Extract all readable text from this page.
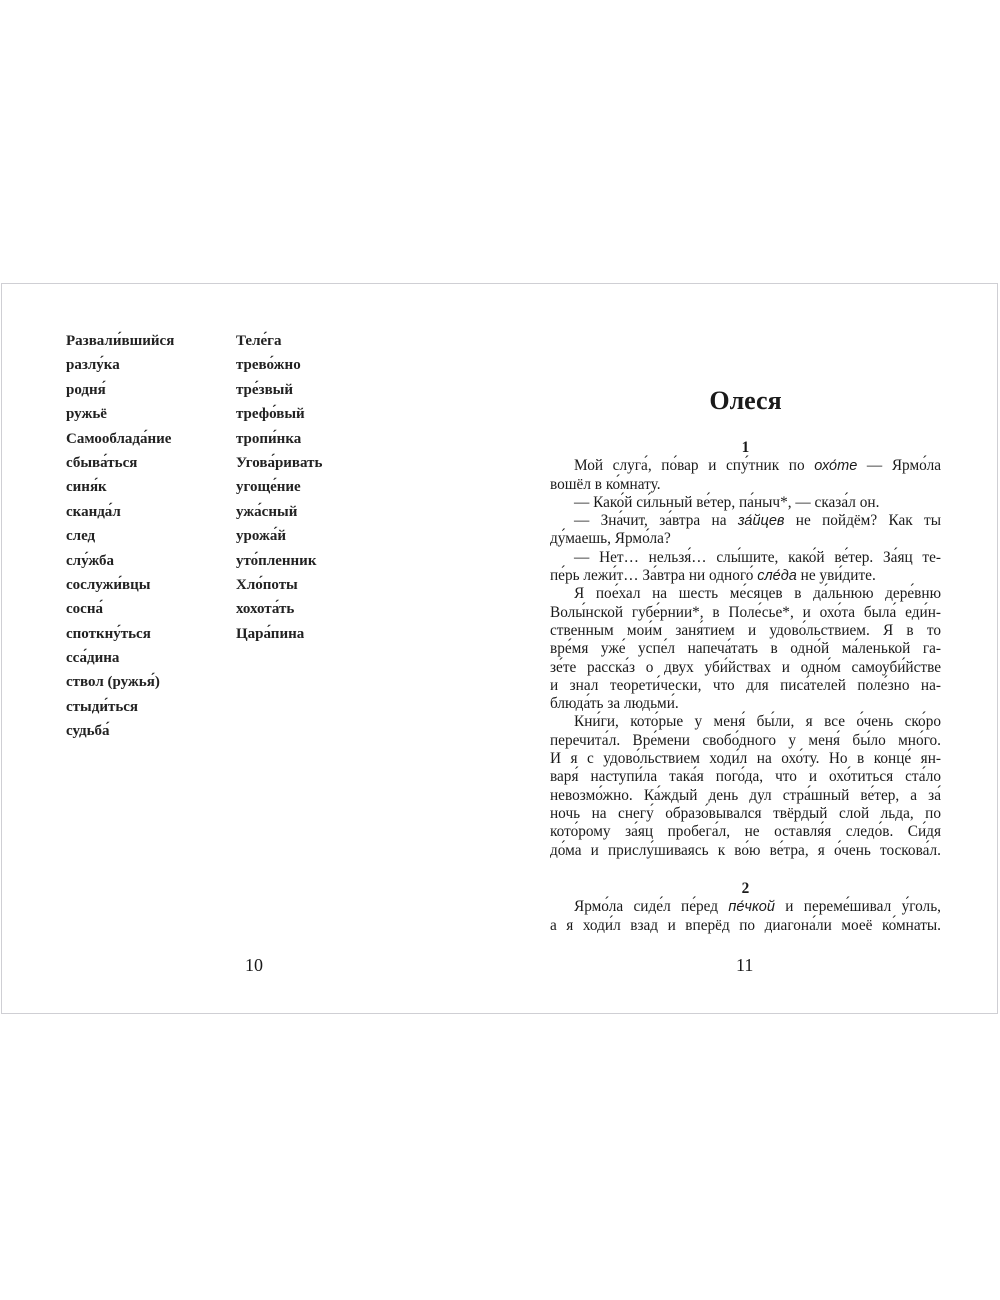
Развали́вшийся
разлу́ка
родня́
ружьё
Самооблада́ние
сбыва́ться
синя́к
сканда́л
след
слу́жба
сослужи́вцы
сосна́
споткну́ться
сса́дина
ствол (ружья́)
стыди́ться
судьба́
Теле́га
трево́жно
тре́звый
трефо́вый
тропи́нка
Угова́ривать
угоще́ние
ужа́сный
урожа́й
уто́пленник
Хло́поты
хохота́ть
Цара́пина
10
Олеся
1
Мой слуга́, по́вар и спу́тник по охо́те — Ярмо́ла
вошёл в ко́мнату.
— Како́й си́льный ве́тер, па́ныч*, — сказа́л он.
— Зна́чит, за́втра на за́йцев не пойдём? Как ты
ду́маешь, Ярмо́ла?
— Нет… нельзя́… слы́шите, како́й ве́тер. За́яц те-
пе́рь лежи́т… За́втра ни одного́ сле́да не уви́дите.
Я пое́хал на шесть ме́сяцев в да́льнюю дере́вню
Волы́нской губе́рнии*, в Поле́сье*, и охо́та была́ еди́н-
ственным мои́м заня́тием и удово́льствием. Я в то
вре́мя уже́ успе́л напеча́тать в одно́й ма́ленькой га-
зе́те расска́з о двух уби́йствах и одно́м самоуби́йстве
и знал теорети́чески, что для писа́телей поле́зно на-
блюда́ть за людьми́.
Кни́ги, кото́рые у меня́ бы́ли, я все о́чень ско́ро
перечита́л. Вре́мени свобо́дного у меня́ бы́ло мно́го.
И я с удово́льствием ходи́л на охо́ту. Но в конце́ ян-
варя́ наступи́ла така́я пого́да, что и охо́титься ста́ло
невозмо́жно. Ка́ждый день дул стра́шный ве́тер, а за́
ночь на снегу́ образо́вывался твёрдый слой льда, по
кото́рому за́яц пробега́л, не оставля́я следо́в. Си́дя
до́ма и прислу́шиваясь к во́ю ве́тра, я о́чень тоскова́л.
2
Ярмо́ла сиде́л пе́ред пе́чкой и переме́шивал у́голь,
а я ходи́л взад и вперёд по диагона́ли моеё ко́мнаты.
11
